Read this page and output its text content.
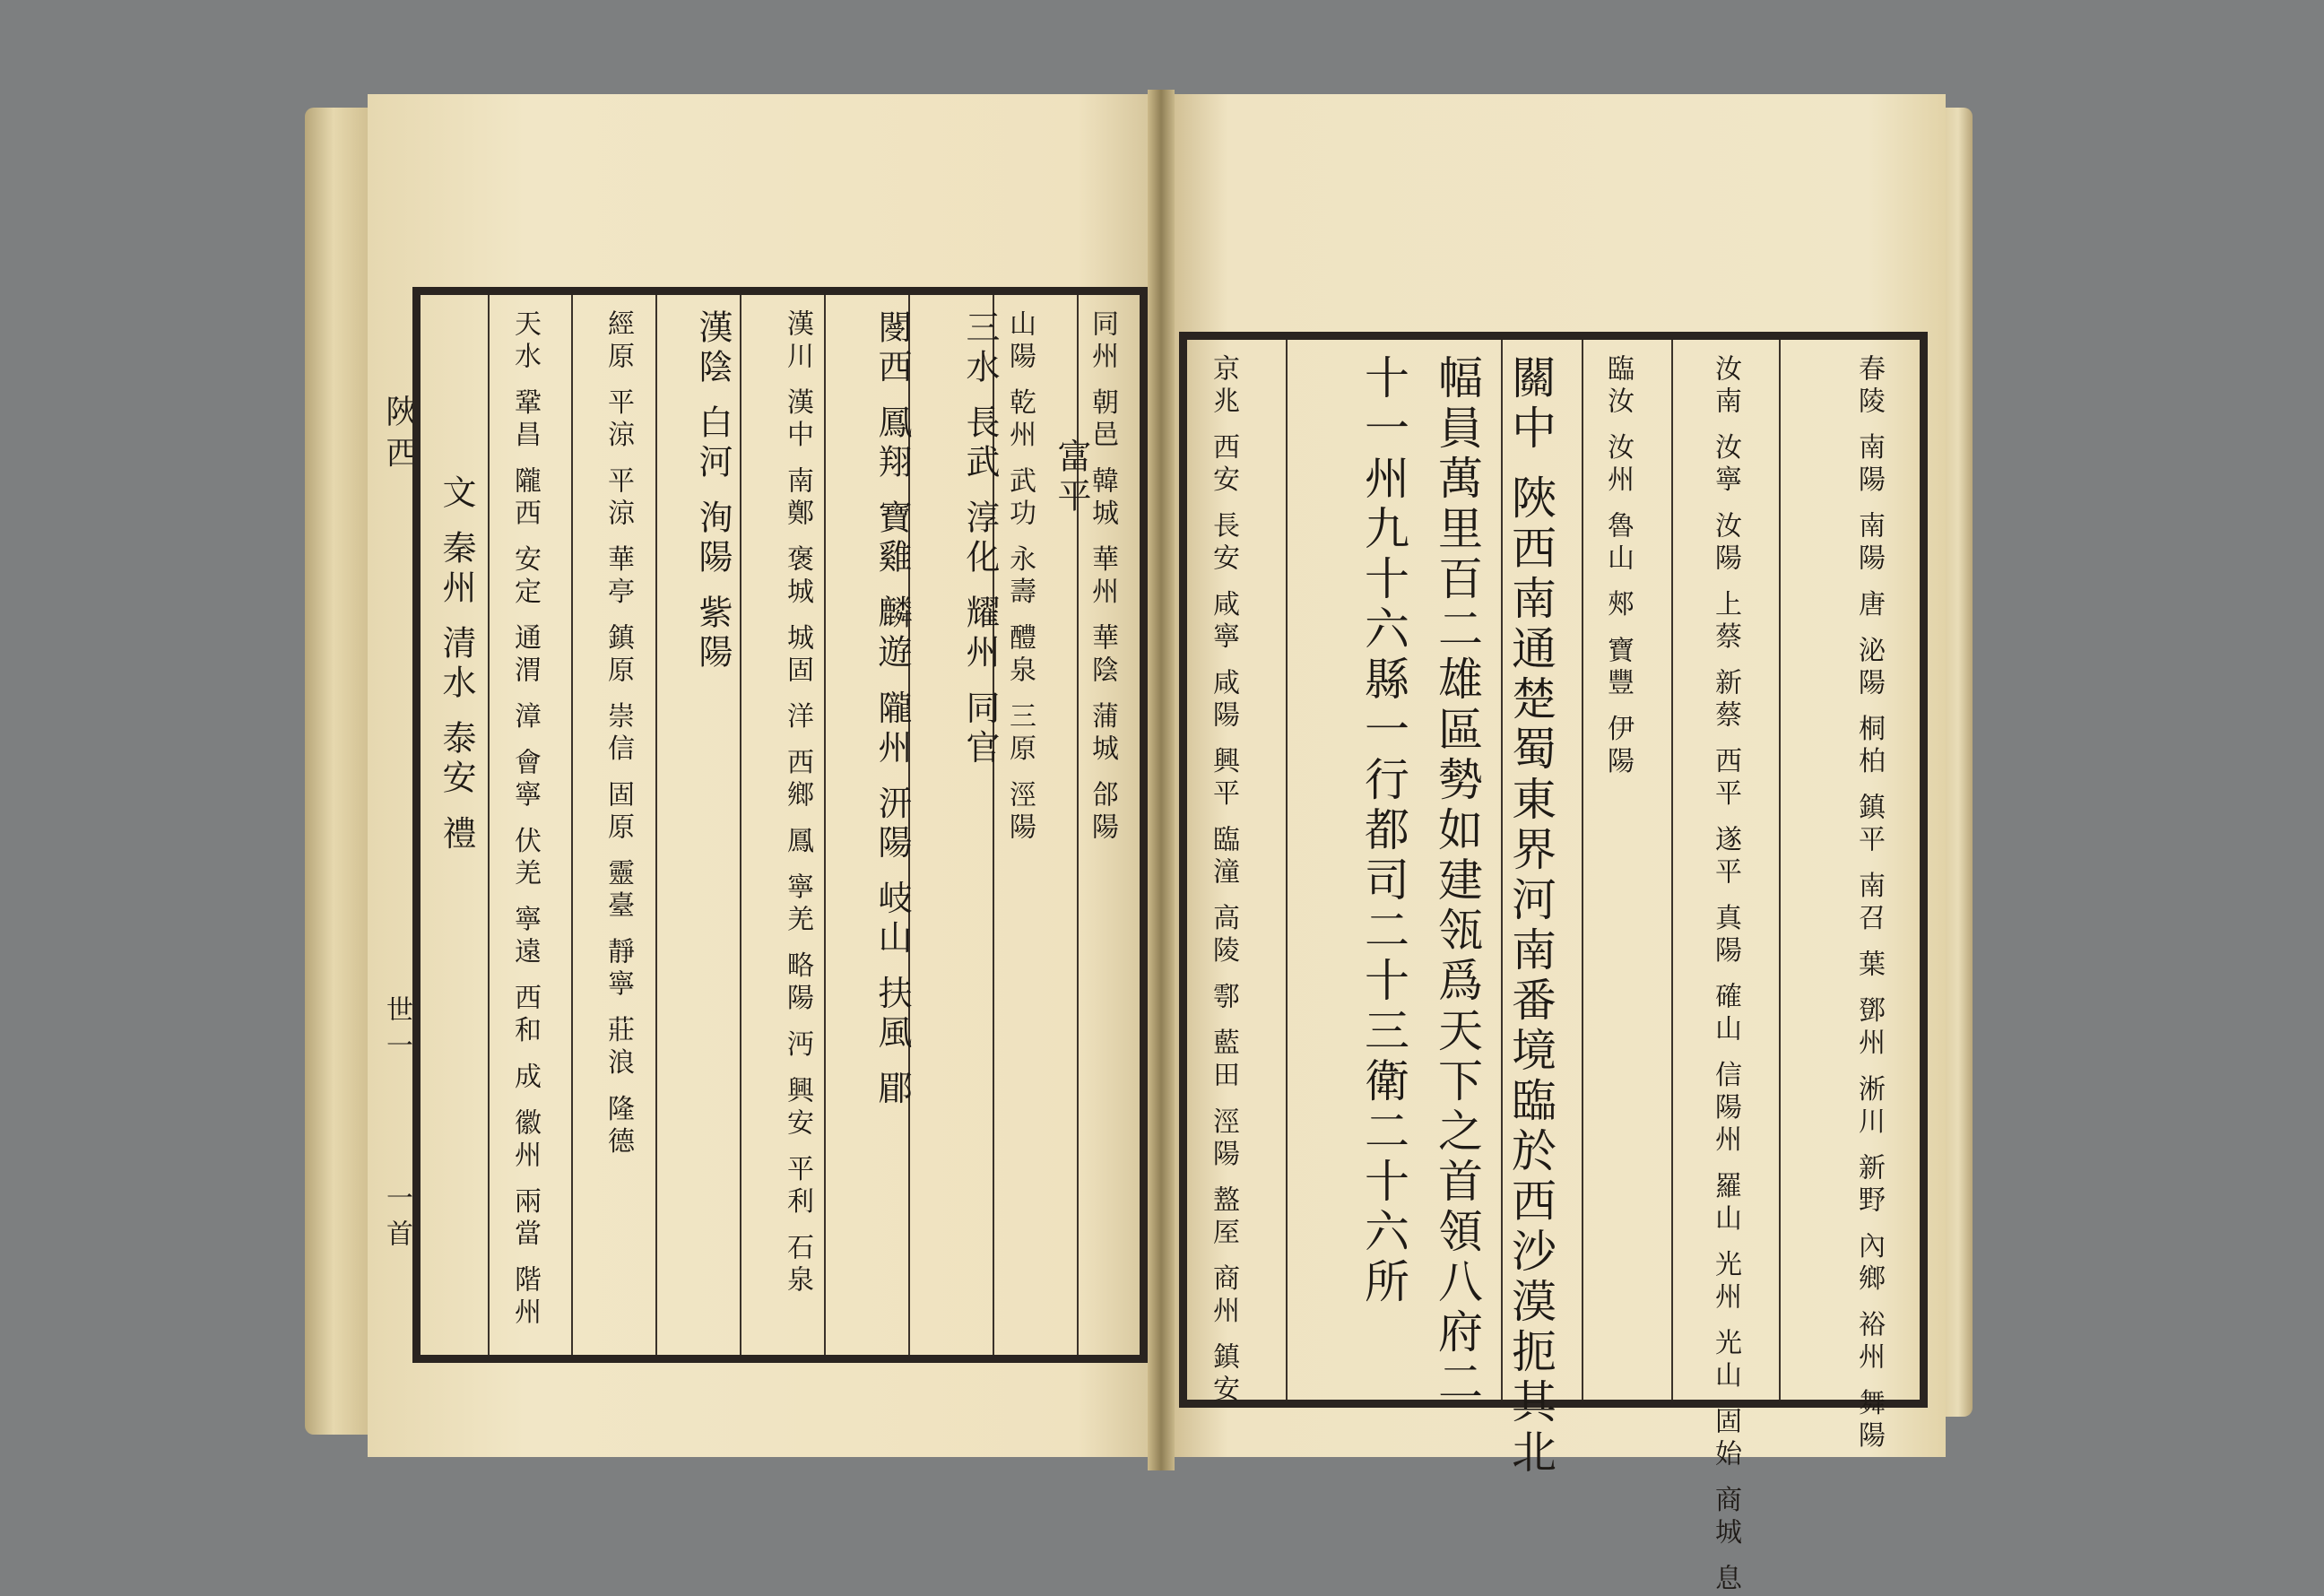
陜西
世一
一首
富平
同州 朝邑 韓城 華州 華陰 蒲城 郃陽
山陽 乾州 武功 永壽 醴泉 三原 涇陽
三水 長武 淳化 耀州 同官
閿西 鳳翔 寶雞 麟遊 隴州 汧陽 岐山 扶風 郿
漢川 漢中 南鄭 褒城 城固 洋 西鄉 鳳 寧羌 略陽 沔 興安 平利 石泉
漢陰 白河 洵陽 紫陽
經原 平涼 平涼 華亭 鎮原 崇信 固原 靈臺 靜寧 莊浪 隆德
天水 鞏昌 隴西 安定 通渭 漳 會寧 伏羌 寧遠 西和 成 徽州 兩當 階州
文 秦州 清水 泰安 禮	春陵 南陽 南陽 唐 泌陽 桐柏 鎮平 南召 葉 鄧州 淅川 新野 內鄉 裕州 舞陽
汝南 汝寧 汝陽 上蔡 新蔡 西平 遂平 真陽 確山 信陽州 羅山 光州 光山 固始 商城 息
臨汝 汝州 魯山 郟 寶豐 伊陽
關中 陜西南通楚蜀東界河南番境臨於西沙漠扼其北
幅員萬里百二雄區勢如建瓴爲天下之首領八府二
十一州九十六縣一行都司二十三衛二十六所
京兆 西安 長安 咸寧 咸陽 興平 臨潼 高陵 鄠 藍田 涇陽 盩厔 商州 鎮安
